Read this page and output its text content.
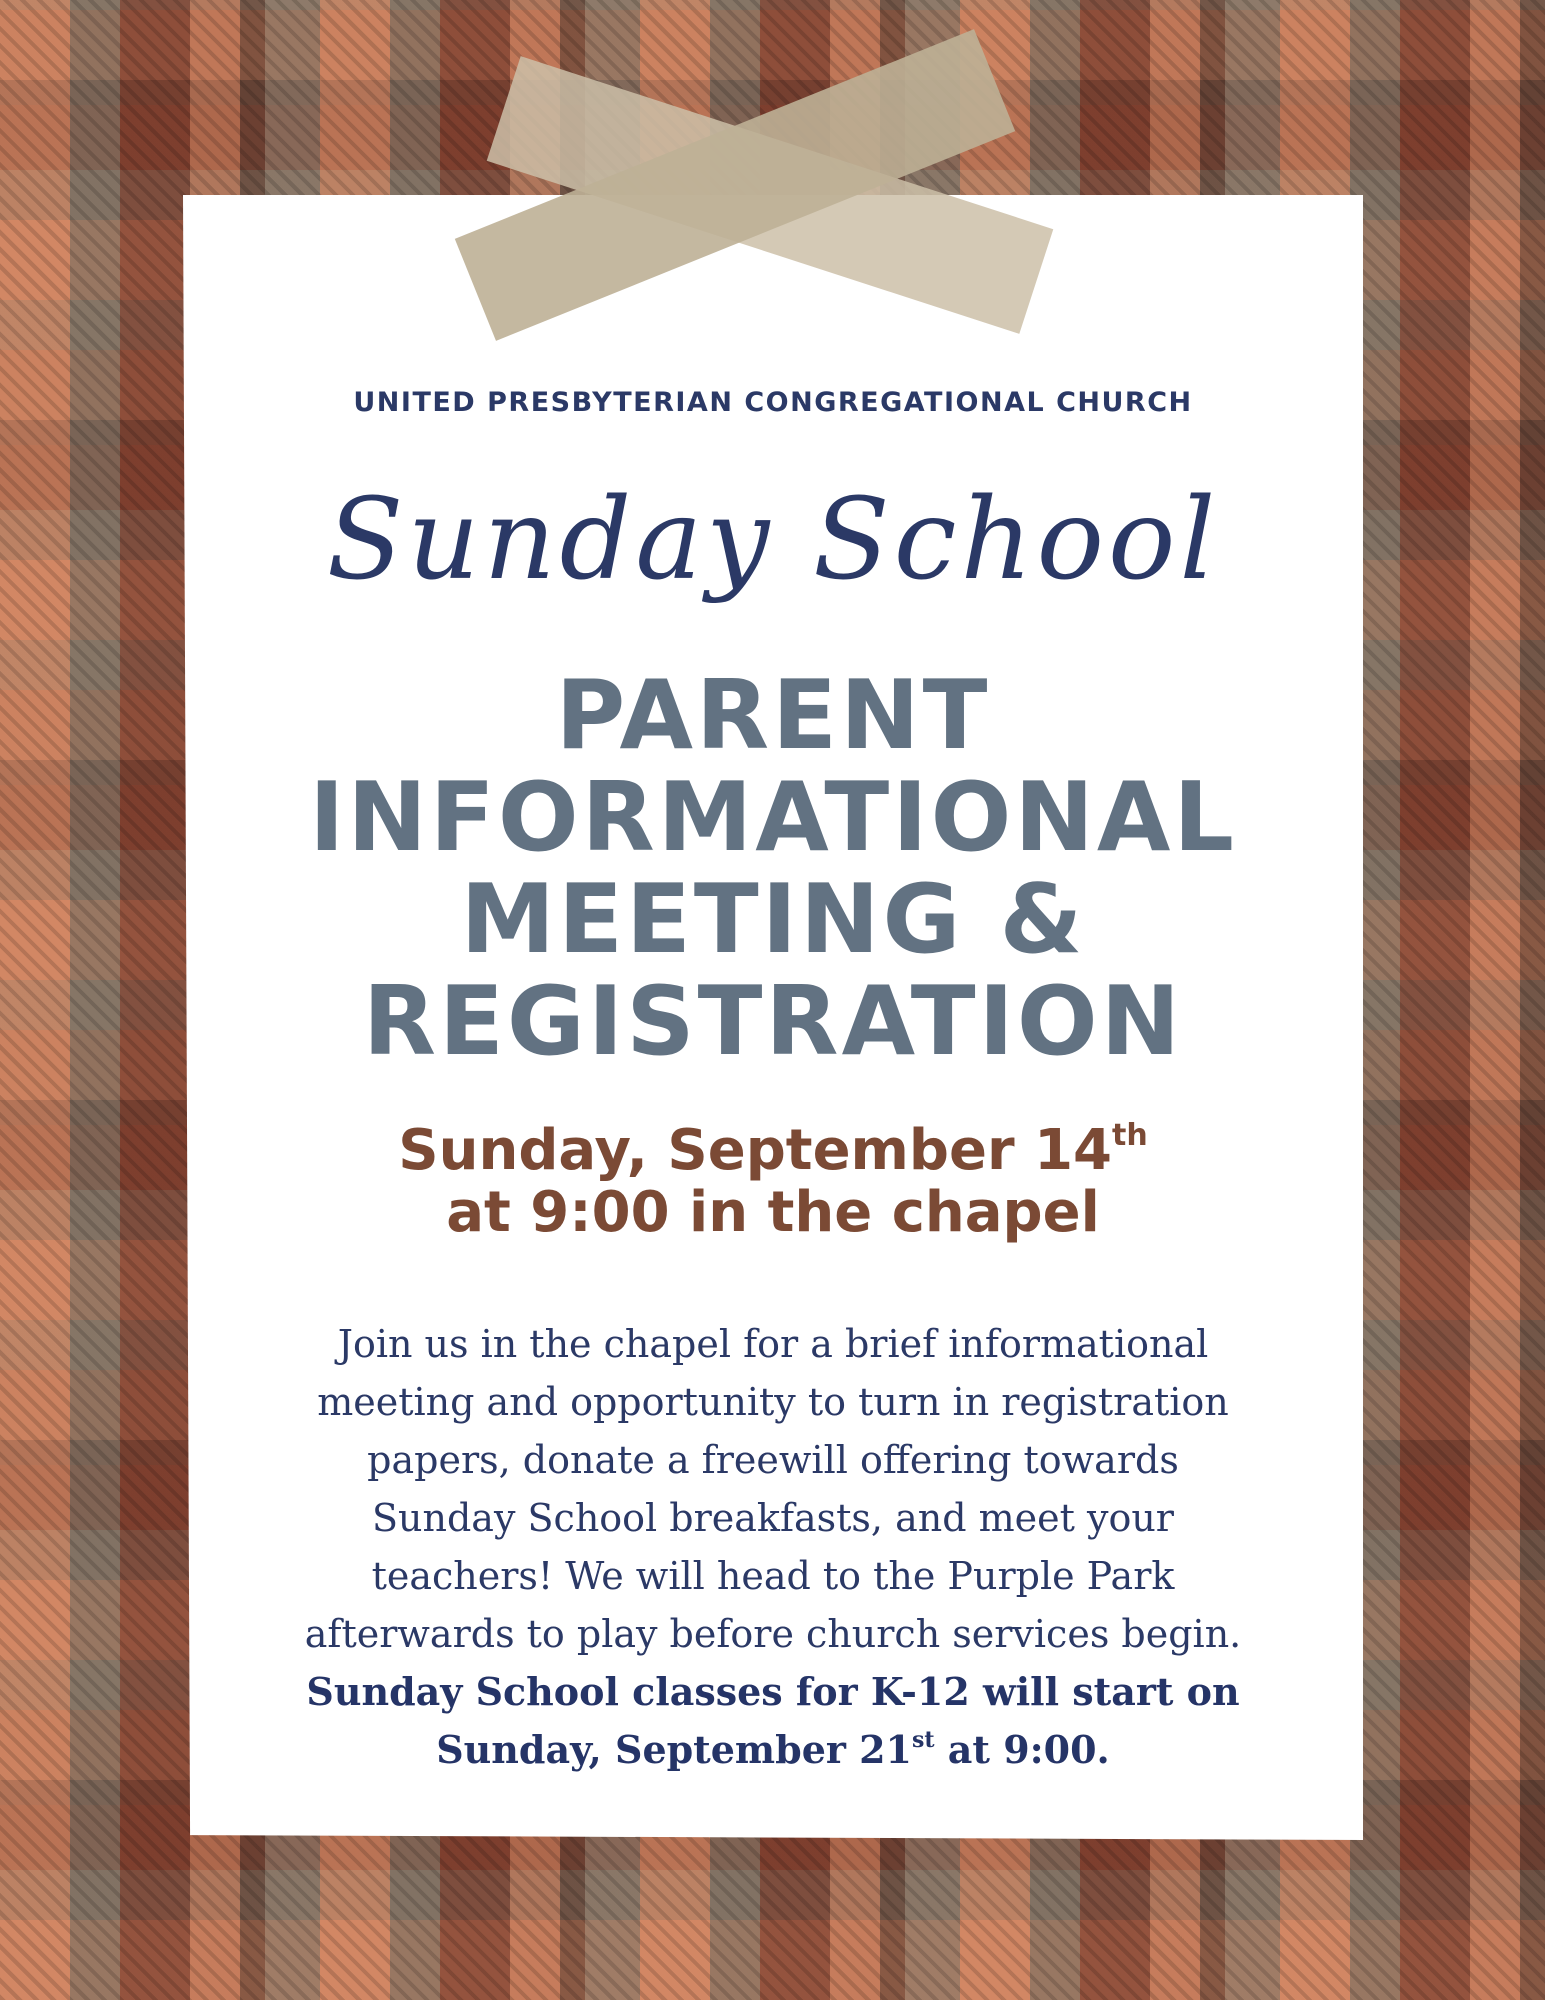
UNITED PRESBYTERIAN CONGREGATIONAL CHURCH
Sunday School
PARENT
INFORMATIONAL
MEETING &
REGISTRATION
Sunday, September 14th
at 9:00 in the chapel
Join us in the chapel for a brief informational
meeting and opportunity to turn in registration
papers, donate a freewill offering towards
Sunday School breakfasts, and meet your
teachers! We will head to the Purple Park
afterwards to play before church services begin.
Sunday School classes for K-12 will start on
Sunday, September 21st at 9:00.
